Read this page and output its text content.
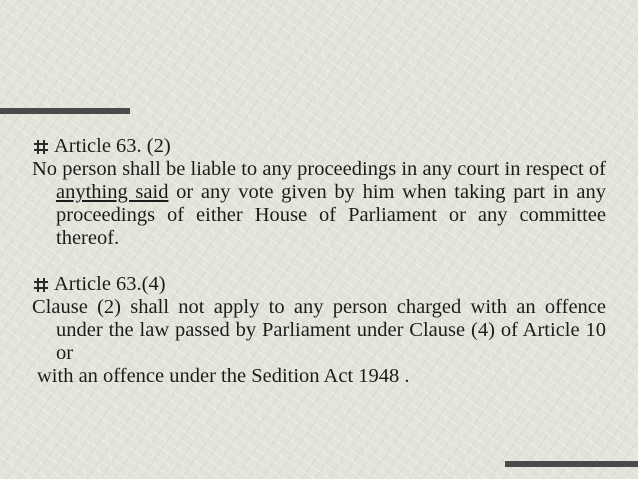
Article 63. (2)

No person shall be liable to any proceedings in any court in respect of anything said or any vote given by him when taking part in any proceedings of either House of Parliament or any committee thereof.

Article 63.(4)

Clause (2) shall not apply to any person charged with an offence under the law passed by Parliament under Clause (4) of Article 10 or

with an offence under the Sedition Act 1948 .
